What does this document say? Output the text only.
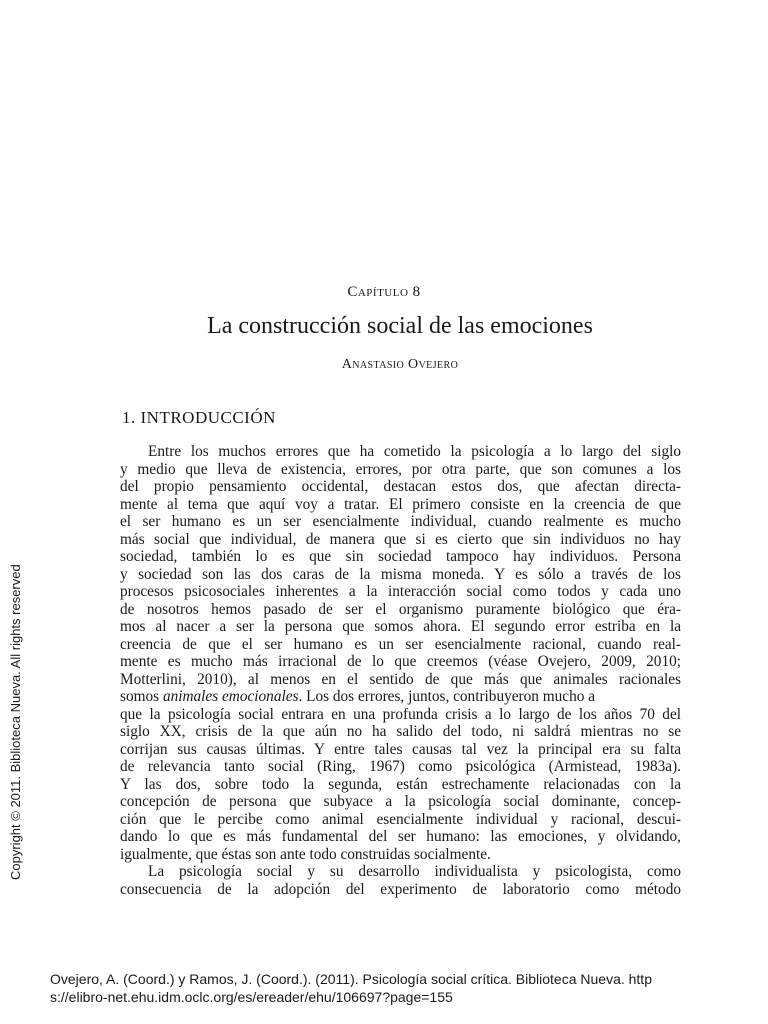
Capítulo 8
La construcción social de las emociones
Anastasio Ovejero
1. INTRODUCCIÓN
Entre los muchos errores que ha cometido la psicología a lo largo del siglo
y medio que lleva de existencia, errores, por otra parte, que son comunes a los
del propio pensamiento occidental, destacan estos dos, que afectan directa-
mente al tema que aquí voy a tratar. El primero consiste en la creencia de que
el ser humano es un ser esencialmente individual, cuando realmente es mucho
más social que individual, de manera que si es cierto que sin individuos no hay
sociedad, también lo es que sin sociedad tampoco hay individuos. Persona
y sociedad son las dos caras de la misma moneda. Y es sólo a través de los
procesos psicosociales inherentes a la interacción social como todos y cada uno
de nosotros hemos pasado de ser el organismo puramente biológico que éra-
mos al nacer a ser la persona que somos ahora. El segundo error estriba en la
creencia de que el ser humano es un ser esencialmente racional, cuando real-
mente es mucho más irracional de lo que creemos (véase Ovejero, 2009, 2010;
Motterlini, 2010), al menos en el sentido de que más que animales racionales
somos animales emocionales. Los dos errores, juntos, contribuyeron mucho a
que la psicología social entrara en una profunda crisis a lo largo de los años 70 del
siglo XX, crisis de la que aún no ha salido del todo, ni saldrá mientras no se
corrijan sus causas últimas. Y entre tales causas tal vez la principal era su falta
de relevancia tanto social (Ring, 1967) como psicológica (Armistead, 1983a).
Y las dos, sobre todo la segunda, están estrechamente relacionadas con la
concepción de persona que subyace a la psicología social dominante, concep-
ción que le percibe como animal esencialmente individual y racional, descui-
dando lo que es más fundamental del ser humano: las emociones, y olvidando,
igualmente, que éstas son ante todo construidas socialmente.
La psicología social y su desarrollo individualista y psicologista, como
consecuencia de la adopción del experimento de laboratorio como método
Copyright © 2011. Biblioteca Nueva. All rights reserved
Ovejero, A. (Coord.) y Ramos, J. (Coord.). (2011). Psicología social crítica. Biblioteca Nueva. http
s://elibro-net.ehu.idm.oclc.org/es/ereader/ehu/106697?page=155
